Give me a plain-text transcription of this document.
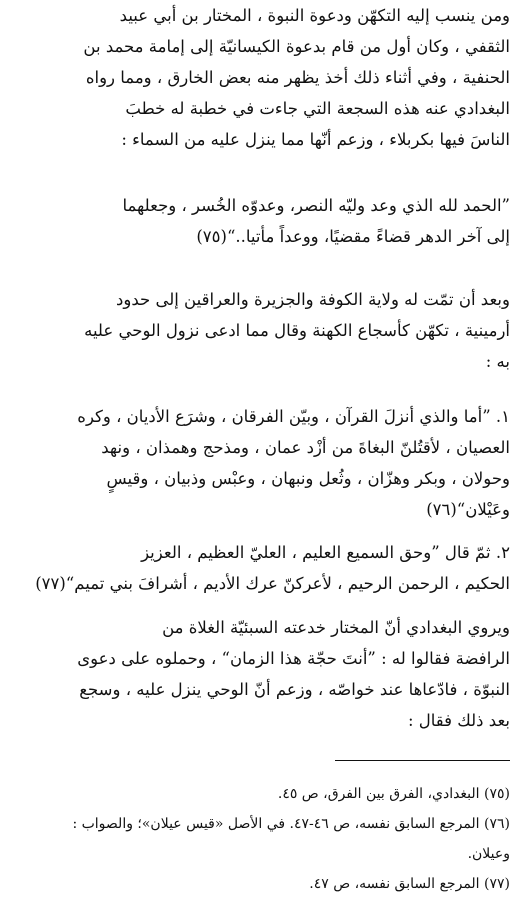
ومن ينسب إليه التكهّن ودعوة النبوة ، المختار بن أبي عبيد
الثقفي ، وكان أول من قام بدعوة الكيسانيّة إلى إمامة محمد بن
الحنفية ، وفي أثناء ذلك أخذ يظهر منه بعض الخارق ، ومما رواه
البغدادي عنه هذه السجعة التي جاءت في خطبة له خطبَ
الناسَ فيها بكربلاء ، وزعم أنّها مما ينزل عليه من السماء :
”الحمد لله الذي وعد وليّه النصر، وعدوّه الخُسر ، وجعلهما
إلى آخر الدهر قضاءً مقضيًا، ووعداً مأتيا..“(٧٥)
وبعد أن تمّت له ولاية الكوفة والجزيرة والعراقين إلى حدود
أرمينية ، تكهّن كأسجاع الكهنة وقال مما ادعى نزول الوحي عليه
به :
١. ”أما والذي أنزلَ القرآن ، وبيّن الفرقان ، وشرَع الأديان ، وكره
العصيان ، لأقتُلنّ البغاةَ من أزْد عمان ، ومذحج وهمذان ، ونهد
وحولان ، وبكر وهزّان ، وثُعل ونبهان ، وعبْس وذبيان ، وقيسٍ
وعَيْلان“(٧٦)
٢. ثمّ قال ”وحق السميع العليم ، العليّ العظيم ، العزيز
الحكيم ، الرحمن الرحيم ، لأعركنّ عرك الأديم ، أشرافَ بني تميم“(٧٧)
ويروي البغدادي أنّ المختار خدعته السبئيّة الغلاة من
الرافضة فقالوا له : ”أنتَ حجّة هذا الزمان“ ، وحملوه على دعوى
النبوّة ، فادّعاها عند خواصّه ، وزعم أنّ الوحي ينزل عليه ، وسجع
بعد ذلك فقال :
(٧٥) البغدادي، الفرق بين الفرق، ص ٤٥.
(٧٦) المرجع السابق نفسه، ص ٤٦-٤٧. في الأصل «قيس عيلان»؛ والصواب :
وعيلان.
(٧٧) المرجع السابق نفسه، ص ٤٧.
